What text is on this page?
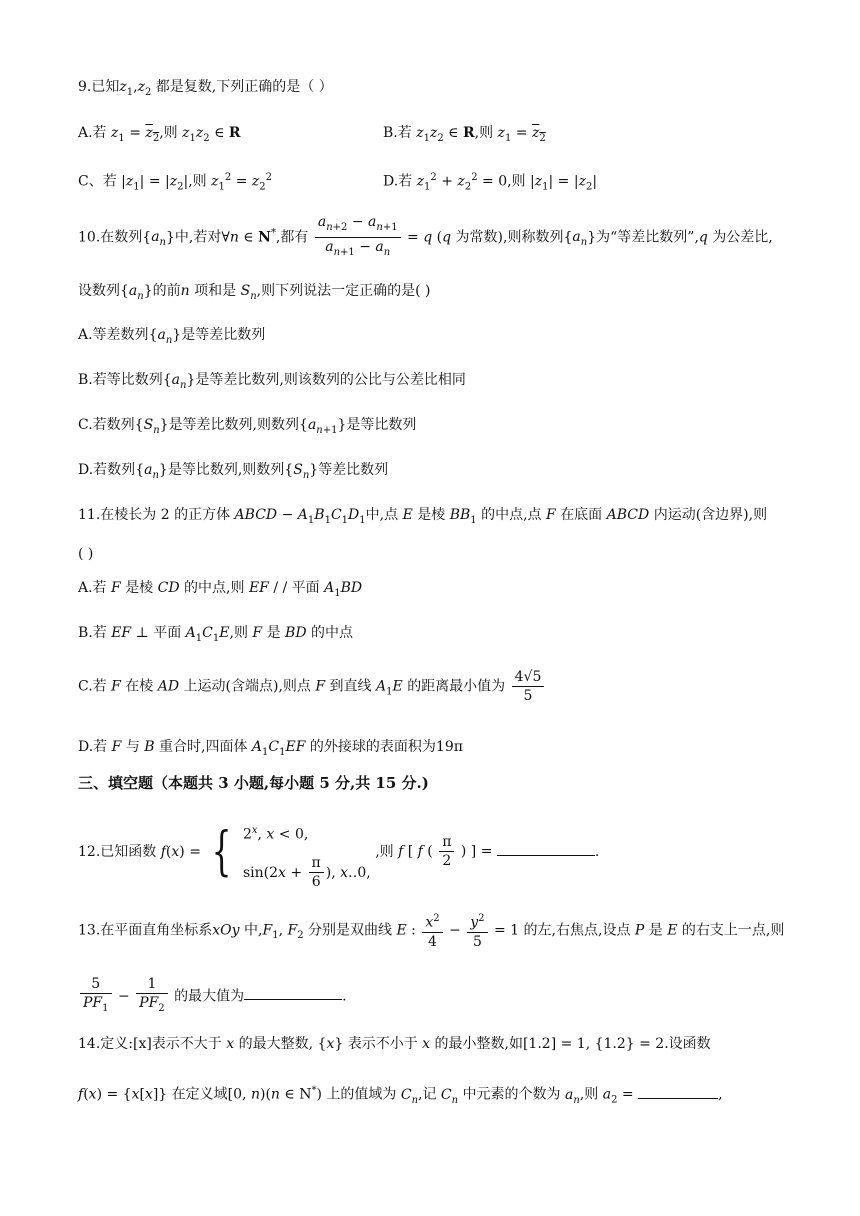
9.已知$z_1,z_2$ 都是复数,下列正确的是（ ）
A.若 $z_1 = z_2$,则 $z_1z_2$ ∈ R	B.若 $z_1z_2$ ∈ R,则 $z_1 = z_2$
C、若 $|z_1| = |z_2|$,则 $z_1^2 = z_2^2$	D.若 $z_1^2 + z_2^2 = 0$,则 $|z_1| = |z_2|$
10.在数列$\{a_n\}$中,若对∀n ∈ N*,都有 $\frac{a_{n+2} - a_{n+1}}{a_{n+1} - a_n} = q$ (q 为常数),则称数列$\{a_n\}$为“等差比数列”,q 为公差比,
设数列$\{a_n\}$的前n 项和是 $S_n$,则下列说法一定正确的是( )
A.等差数列$\{a_n\}$是等差比数列
B.若等比数列$\{a_n\}$是等差比数列,则该数列的公比与公差比相同
C.若数列$\{S_n\}$是等差比数列,则数列$\{a_{n+1}\}$是等比数列
D.若数列$\{a_n\}$是等比数列,则数列$\{S_n\}$等差比数列
11.在棱长为 2 的正方体 ABCD − $A_1B_1C_1D_1$中,点 E 是棱 $BB_1$ 的中点,点 F 在底面 ABCD 内运动(含边界),则
( )
A.若 F 是棱 CD 的中点,则 EF / / 平面 $A_1BD$
B.若 EF ⊥ 平面 $A_1C_1E$,则 F 是 BD 的中点
C.若 F 在棱 AD 上运动(含端点),则点 F 到直线 $A_1E$ 的距离最小值为 $\frac{4√5}{5}$
D.若 F 与 B 重合时,四面体 $A_1C_1EF$ 的外接球的表面积为19π
三、填空题（本题共 3 小题,每小题 5 分,共 15 分.)
12.已知函数 f(x) = { 2$^x$, x < 0,
$\sin(2x + \frac{\pi}{6}$ ), x‥0,
,则 f [ f ( $\frac{\pi}{2}$ ) ] =	.
13.在平面直角坐标系xOy 中$,F_1$, $F_2$ 分别是双曲线 E : $\frac{x^2}{4} - \frac{y^2}{5} = 1$ 的左,右焦点,设点 P 是 E 的右支上一点,则
$\frac{5}{PF_1} - \frac{1}{PF_2}$ 的最大值为	.
14.定义:[x]表示不大于 x 的最大整数, {x} 表示不小于 x 的最小整数,如[1.2] = 1, {1.2} = 2.设函数
f(x) = {x[x]} 在定义域[0, n)(n ∈ N*) 上的值域为 $C_n$,记 $C_n$ 中元素的个数为 $a_n$,则 $a_2$ =	,
